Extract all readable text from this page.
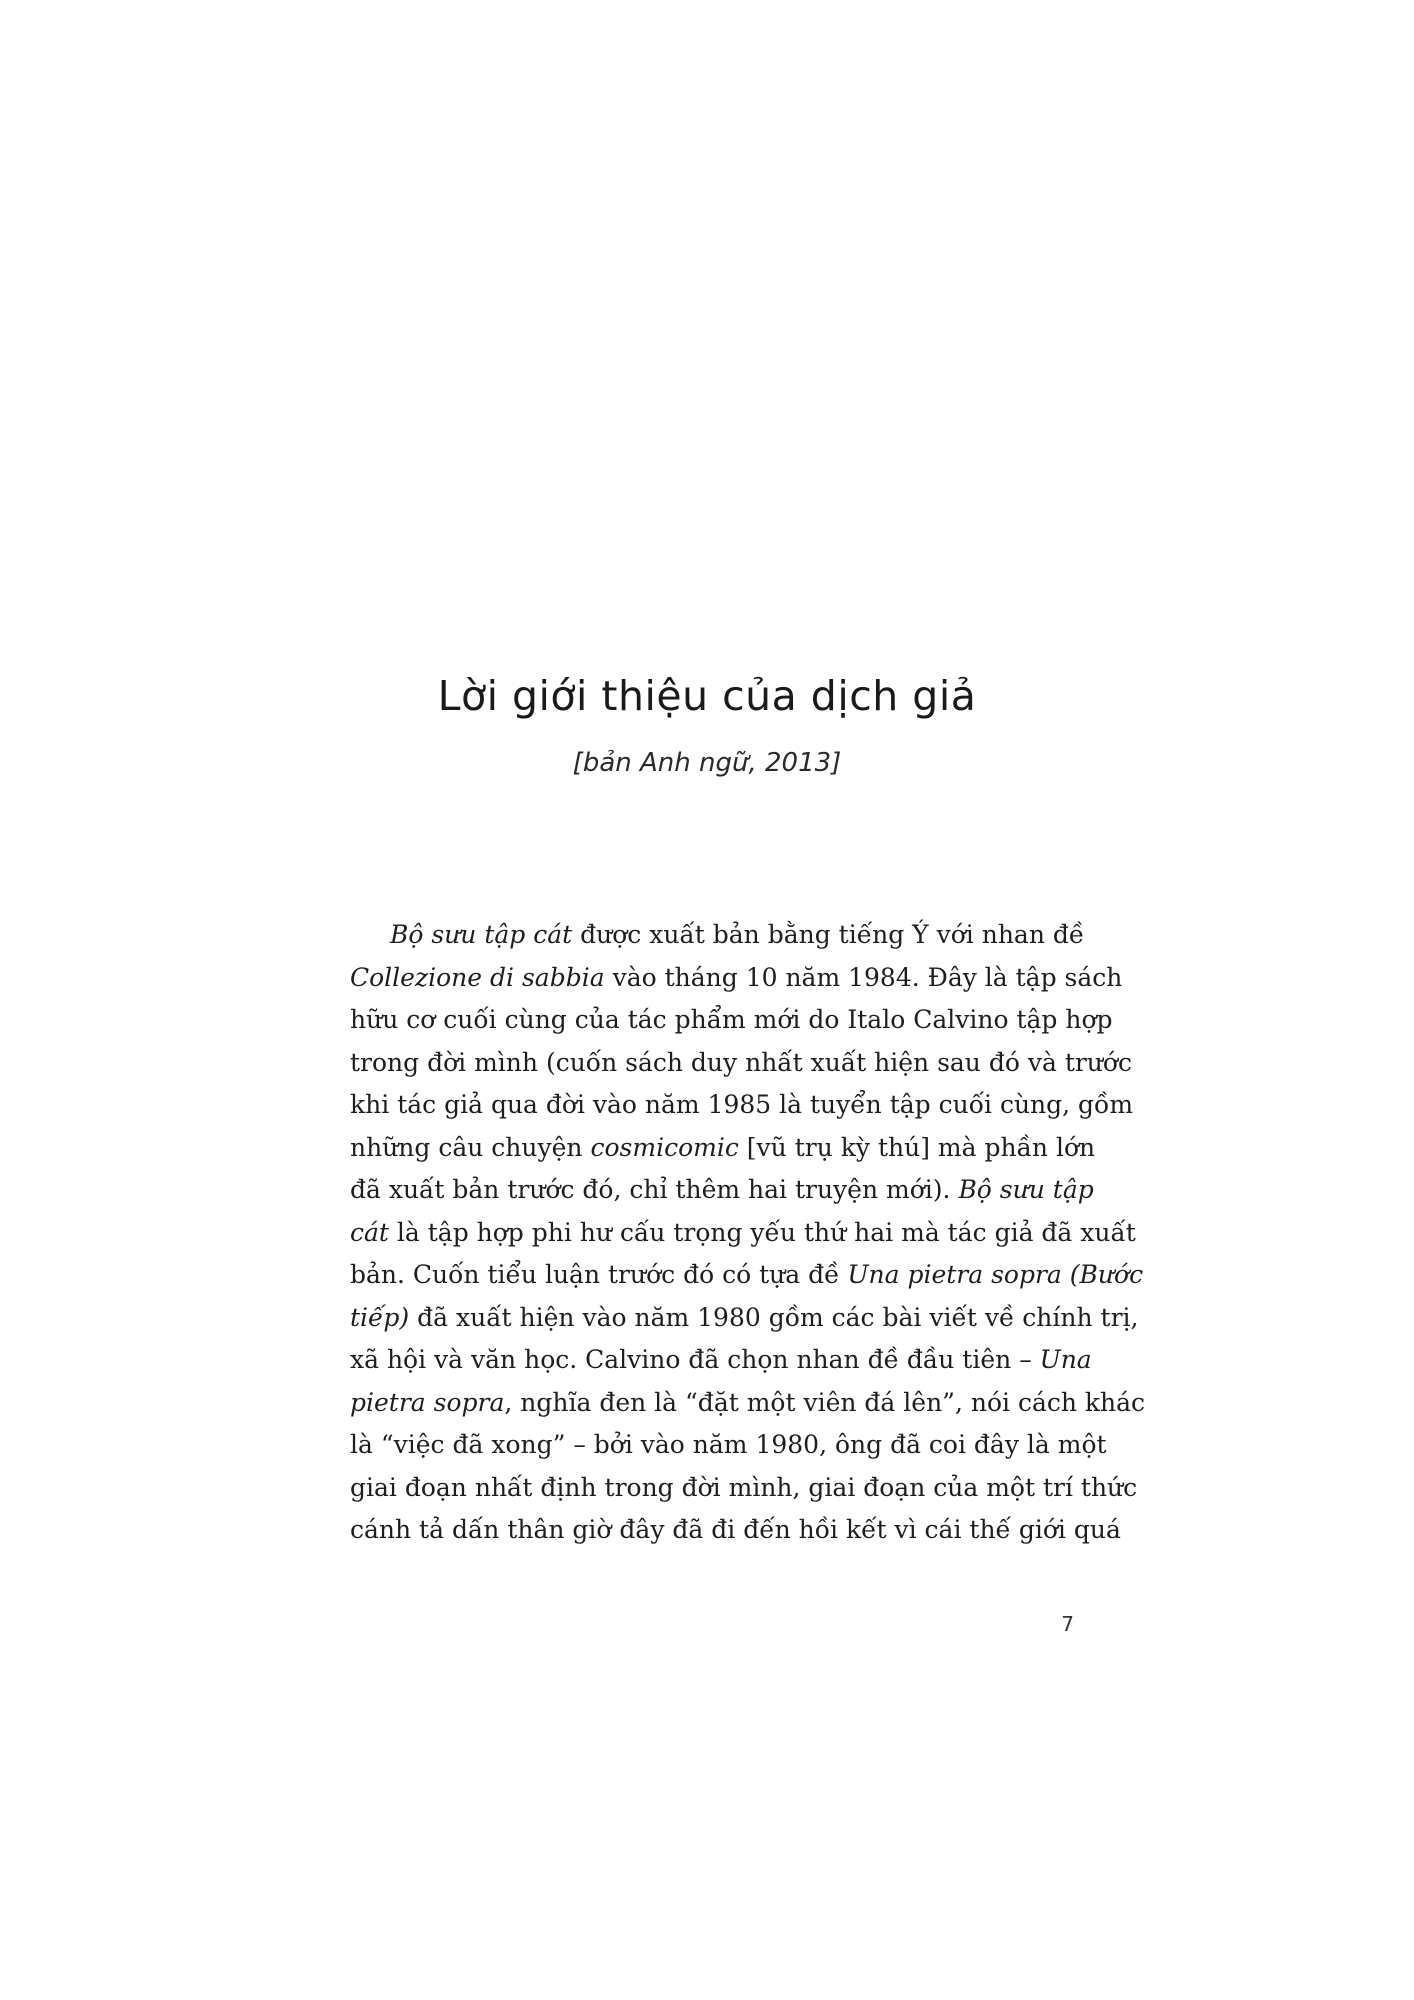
Lời giới thiệu của dịch giả
[bản Anh ngữ, 2013]
Bộ sưu tập cát được xuất bản bằng tiếng Ý với nhan đề
Collezione di sabbia vào tháng 10 năm 1984. Đây là tập sách
hữu cơ cuối cùng của tác phẩm mới do Italo Calvino tập hợp
trong đời mình (cuốn sách duy nhất xuất hiện sau đó và trước
khi tác giả qua đời vào năm 1985 là tuyển tập cuối cùng, gồm
những câu chuyện cosmicomic [vũ trụ kỳ thú] mà phần lớn
đã xuất bản trước đó, chỉ thêm hai truyện mới). Bộ sưu tập
cát là tập hợp phi hư cấu trọng yếu thứ hai mà tác giả đã xuất
bản. Cuốn tiểu luận trước đó có tựa đề Una pietra sopra (Bước
tiếp) đã xuất hiện vào năm 1980 gồm các bài viết về chính trị,
xã hội và văn học. Calvino đã chọn nhan đề đầu tiên – Una
pietra sopra, nghĩa đen là “đặt một viên đá lên”, nói cách khác
là “việc đã xong” – bởi vào năm 1980, ông đã coi đây là một
giai đoạn nhất định trong đời mình, giai đoạn của một trí thức
cánh tả dấn thân giờ đây đã đi đến hồi kết vì cái thế giới quá
7
